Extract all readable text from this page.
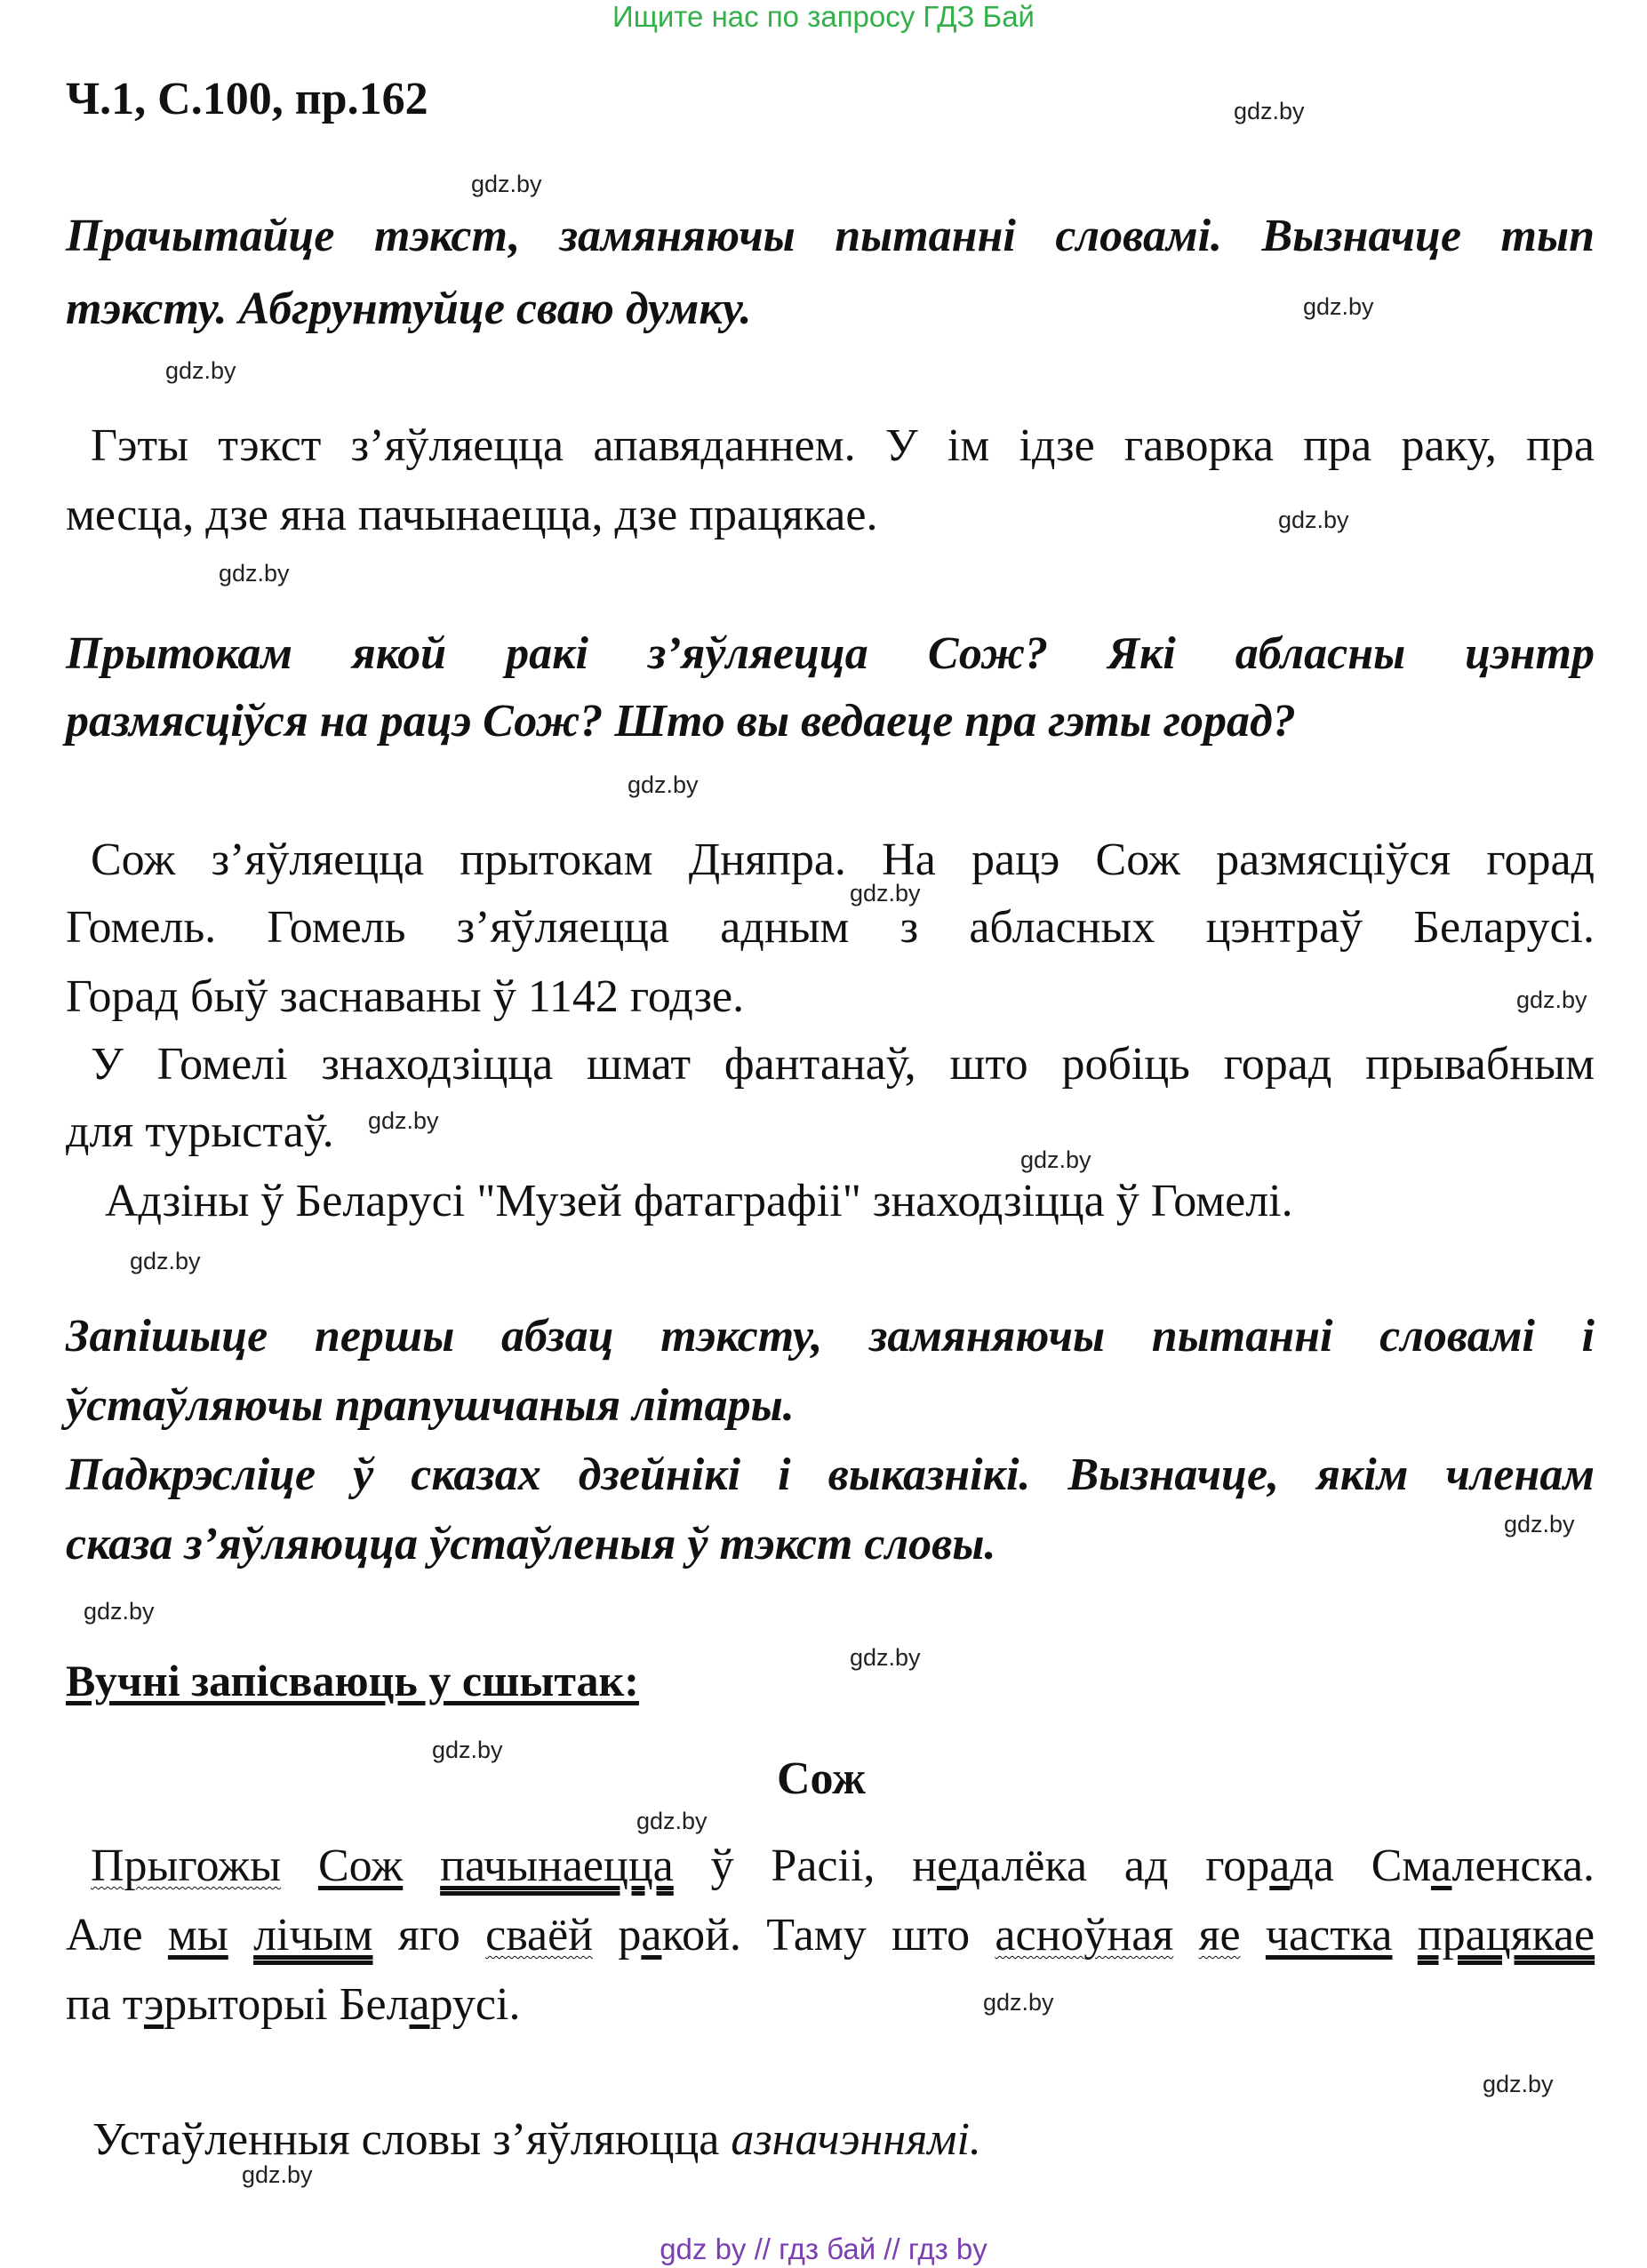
Ищите нас по запросу ГДЗ Бай
Ч.1, С.100, пр.162	gdz.by
gdz.by
Прачытайце тэкст, замяняючы пытанні словамі. Вызначце тып
тэксту. Абгрунтуйце сваю думку.	gdz.by
gdz.by
Гэты тэкст з’яўляецца апавяданнем. У ім ідзе гаворка пра раку, пра
месца, дзе яна пачынаецца, дзе працякае.	gdz.by
gdz.by
Прытокам якой ракі з’яўляецца Сож? Які абласны цэнтр
размясціўся на рацэ Сож? Што вы ведаеце пра гэты горад?
gdz.by
Сож з’яўляецца прытокам Дняпра. На рацэ Сож размясціўся горад
gdz.by
Гомель. Гомель з’яўляецца адным з абласных цэнтраў Беларусі.
Горад быў заснаваны ў 1142 годзе.	gdz.by
У Гомелі знаходзіцца шмат фантанаў, што робіць горад прывабным
для турыстаў. gdz.by
gdz.by
Адзіны ў Беларусі "Музей фатаграфіі" знаходзіцца ў Гомелі.
gdz.by
Запішыце першы абзац тэксту, замяняючы пытанні словамі і
ўстаўляючы прапушчаныя літары.
Падкрэсліце ў сказах дзейнікі і выказнікі. Вызначце, якім членам
gdz.by
сказа з’яўляюцца ўстаўленыя ў тэкст словы.
gdz.by
Вучні запісваюць у сшытак:	gdz.by
gdz.by
Сож
gdz.by
Прыгожы Сож пачынаецца ў Расіі, недалёка ад горада Смаленска.
Але мы лічым яго сваёй ракой. Таму што асноўная яе частка працякае
па тэрыторыі Беларусі.	gdz.by
gdz.by
Устаўленныя словы з’яўляюцца азначэннямі.
gdz.by
gdz by // гдз бай // гдз by
